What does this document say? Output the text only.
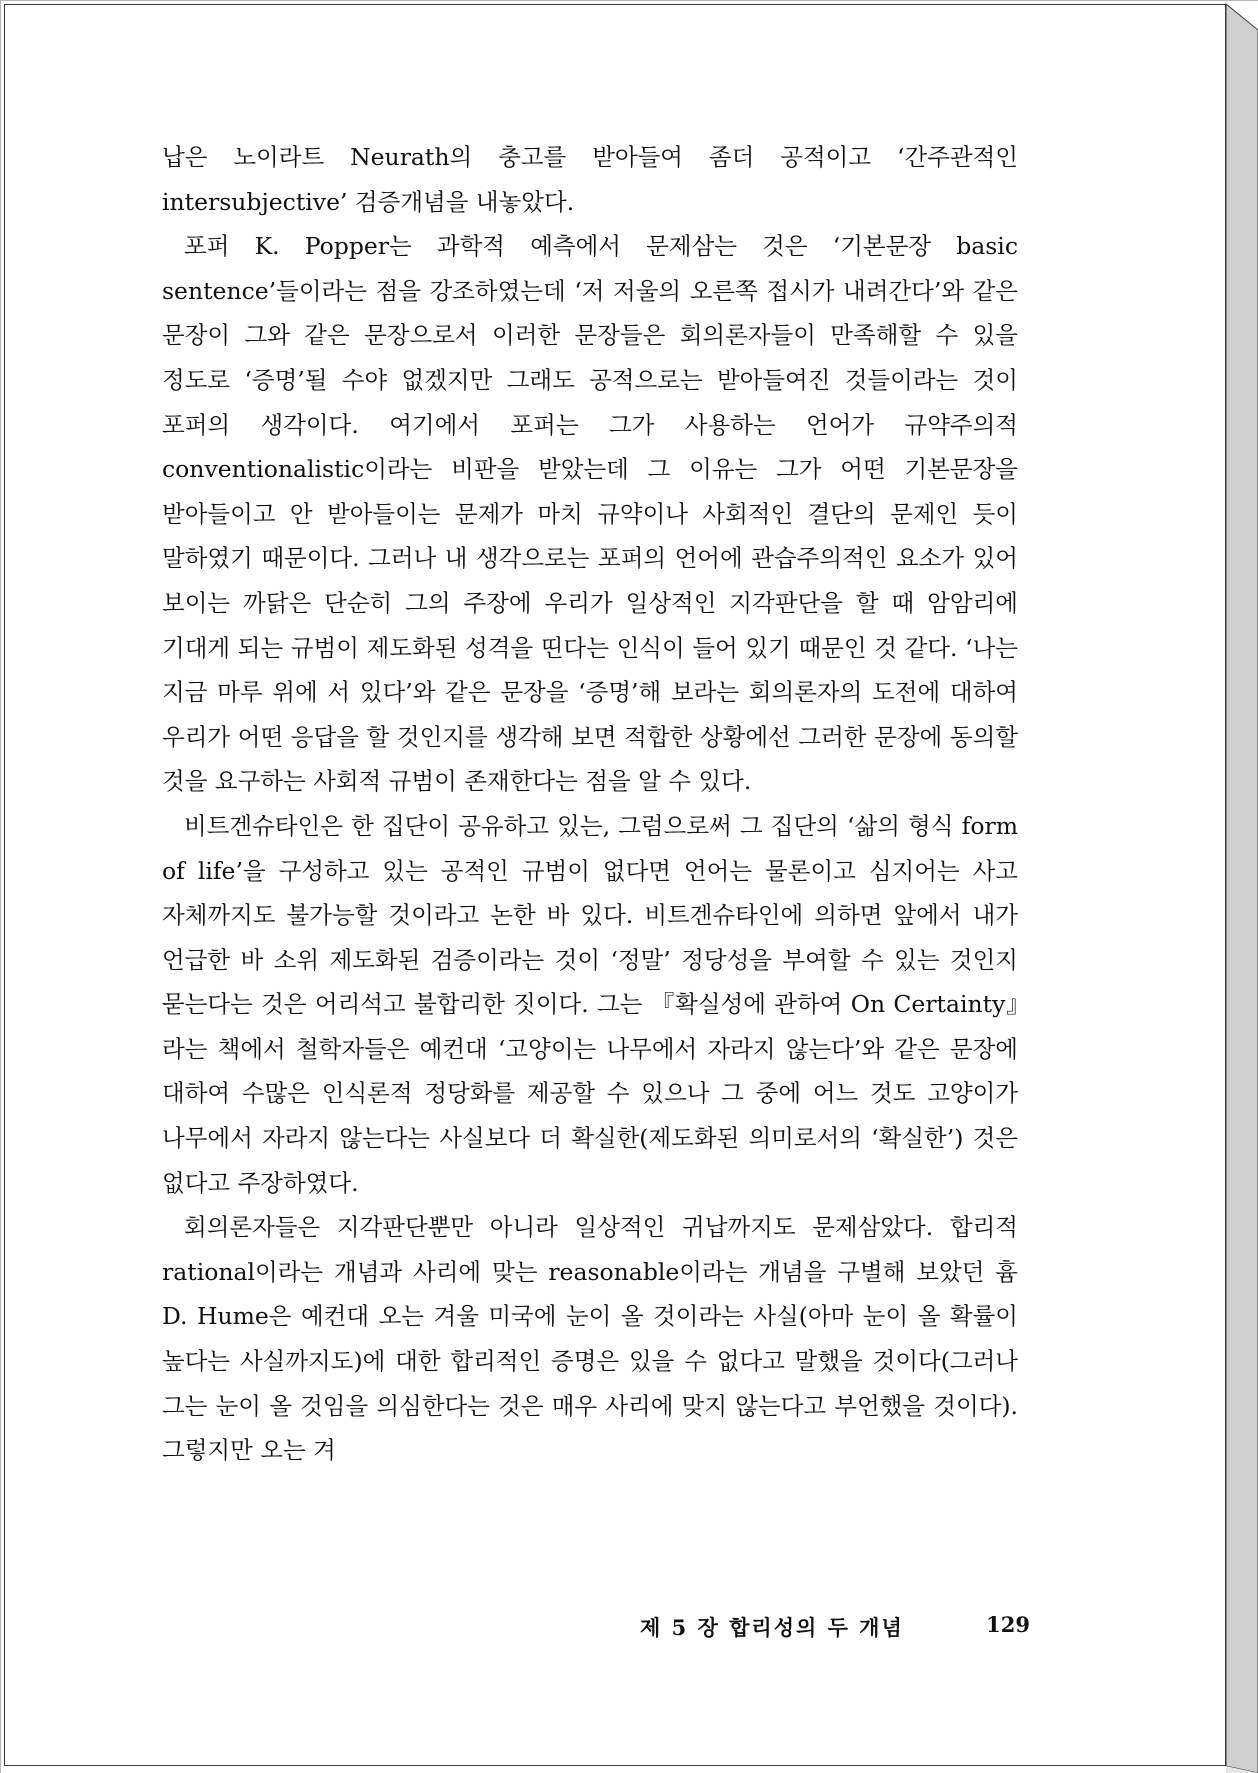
납은 노이라트 Neurath의 충고를 받아들여 좀더 공적이고 ‘간주관적인 intersubjective’ 검증개념을 내놓았다.

포퍼 K. Popper는 과학적 예측에서 문제삼는 것은 ‘기본문장 basic sentence’들이라는 점을 강조하였는데 ‘저 저울의 오른쪽 접시가 내려간다’와 같은 문장이 그와 같은 문장으로서 이러한 문장들은 회의론자들이 만족해할 수 있을 정도로 ‘증명’될 수야 없겠지만 그래도 공적으로는 받아들여진 것들이라는 것이 포퍼의 생각이다. 여기에서 포퍼는 그가 사용하는 언어가 규약주의적 conventionalistic이라는 비판을 받았는데 그 이유는 그가 어떤 기본문장을 받아들이고 안 받아들이는 문제가 마치 규약이나 사회적인 결단의 문제인 듯이 말하였기 때문이다. 그러나 내 생각으로는 포퍼의 언어에 관습주의적인 요소가 있어 보이는 까닭은 단순히 그의 주장에 우리가 일상적인 지각판단을 할 때 암암리에 기대게 되는 규범이 제도화된 성격을 띤다는 인식이 들어 있기 때문인 것 같다. ‘나는 지금 마루 위에 서 있다’와 같은 문장을 ‘증명’해 보라는 회의론자의 도전에 대하여 우리가 어떤 응답을 할 것인지를 생각해 보면 적합한 상황에선 그러한 문장에 동의할 것을 요구하는 사회적 규범이 존재한다는 점을 알 수 있다.

비트겐슈타인은 한 집단이 공유하고 있는, 그럼으로써 그 집단의 ‘삶의 형식 form of life’을 구성하고 있는 공적인 규범이 없다면 언어는 물론이고 심지어는 사고 자체까지도 불가능할 것이라고 논한 바 있다. 비트겐슈타인에 의하면 앞에서 내가 언급한 바 소위 제도화된 검증이라는 것이 ‘정말’ 정당성을 부여할 수 있는 것인지 묻는다는 것은 어리석고 불합리한 짓이다. 그는 『확실성에 관하여 On Certainty』라는 책에서 철학자들은 예컨대 ‘고양이는 나무에서 자라지 않는다’와 같은 문장에 대하여 수많은 인식론적 정당화를 제공할 수 있으나 그 중에 어느 것도 고양이가 나무에서 자라지 않는다는 사실보다 더 확실한(제도화된 의미로서의 ‘확실한’) 것은 없다고 주장하였다.

회의론자들은 지각판단뿐만 아니라 일상적인 귀납까지도 문제삼았다. 합리적 rational이라는 개념과 사리에 맞는 reasonable이라는 개념을 구별해 보았던 흄 D. Hume은 예컨대 오는 겨울 미국에 눈이 올 것이라는 사실(아마 눈이 올 확률이 높다는 사실까지도)에 대한 합리적인 증명은 있을 수 없다고 말했을 것이다(그러나 그는 눈이 올 것임을 의심한다는 것은 매우 사리에 맞지 않는다고 부언했을 것이다). 그렇지만 오는 겨

제 5 장 합리성의 두 개념	129
